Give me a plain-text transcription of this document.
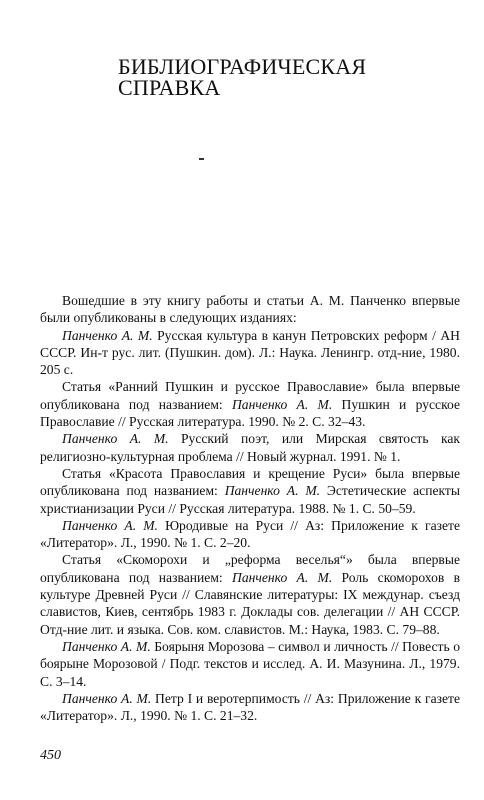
БИБЛИОГРАФИЧЕСКАЯ
СПРАВКА

Вошедшие в эту книгу работы и статьи А. М. Панченко впервые были опубликованы в следующих изданиях:

Панченко А. М. Русская культура в канун Петровских реформ / АН СССР. Ин-т рус. лит. (Пушкин. дом). Л.: Наука. Ленингр. отд-ние, 1980. 205 с.

Статья «Ранний Пушкин и русское Православие» была впервые опубликована под названием: Панченко А. М. Пушкин и русское Православие // Русская литература. 1990. № 2. С. 32–43.

Панченко А. М. Русский поэт, или Мирская святость как религиозно-культурная проблема // Новый журнал. 1991. № 1.

Статья «Красота Православия и крещение Руси» была впервые опубликована под названием: Панченко А. М. Эстетические аспекты христианизации Руси // Русская литература. 1988. № 1. С. 50–59.

Панченко А. М. Юродивые на Руси // Аз: Приложение к газете «Литератор». Л., 1990. № 1. С. 2–20.

Статья «Скоморохи и „реформа веселья“» была впервые опубликована под названием: Панченко А. М. Роль скоморохов в культуре Древней Руси // Славянские литературы: IX междунар. съезд славистов, Киев, сентябрь 1983 г. Доклады сов. делегации // АН СССР. Отд-ние лит. и языка. Сов. ком. славистов. М.: Наука, 1983. С. 79–88.

Панченко А. М. Боярыня Морозова – символ и личность // Повесть о боярыне Морозовой / Подг. текстов и исслед. А. И. Мазунина. Л., 1979. С. 3–14.

Панченко А. М. Петр I и веротерпимость // Аз: Приложение к газете «Литератор». Л., 1990. № 1. С. 21–32.

450
